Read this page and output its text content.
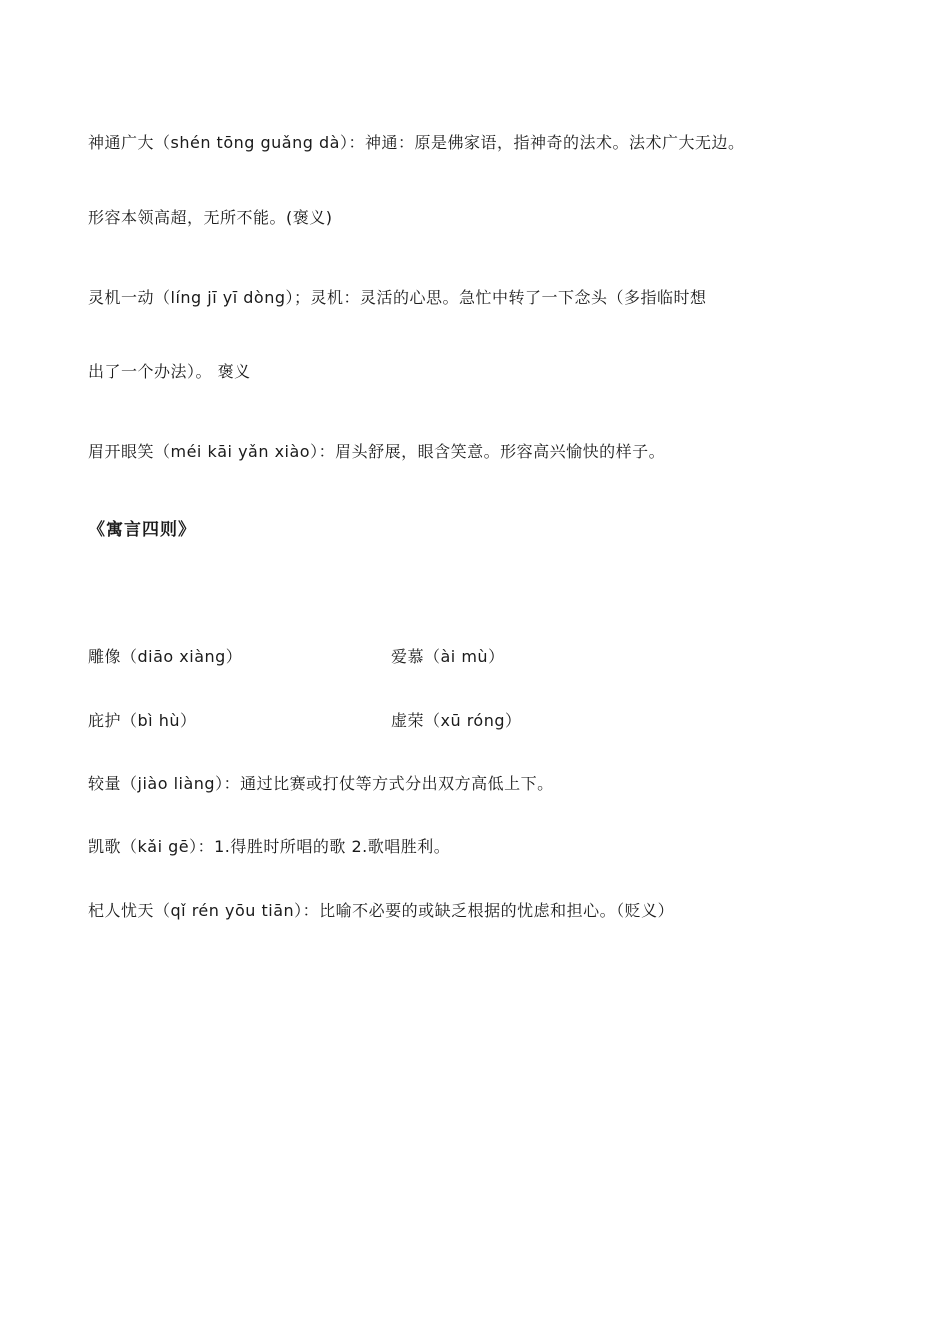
神通广大（shén tōng guǎng dà）：神通：原是佛家语，指神奇的法术。法术广大无边。
形容本领高超，无所不能。(褒义)
灵机一动（líng jī yī dòng）；灵机：灵活的心思。急忙中转了一下念头（多指临时想
出了一个办法）。 褒义
眉开眼笑（méi kāi yǎn xiào）：眉头舒展，眼含笑意。形容高兴愉快的样子。
《寓言四则》
雕像（diāo xiàng）	爱慕（ài mù）
庇护（bì hù）	虚荣（xū róng）
较量（jiào liàng）：通过比赛或打仗等方式分出双方高低上下。
凯歌（kǎi gē）：1.得胜时所唱的歌 2.歌唱胜利。
杞人忧天（qǐ rén yōu tiān）：比喻不必要的或缺乏根据的忧虑和担心。（贬义）
